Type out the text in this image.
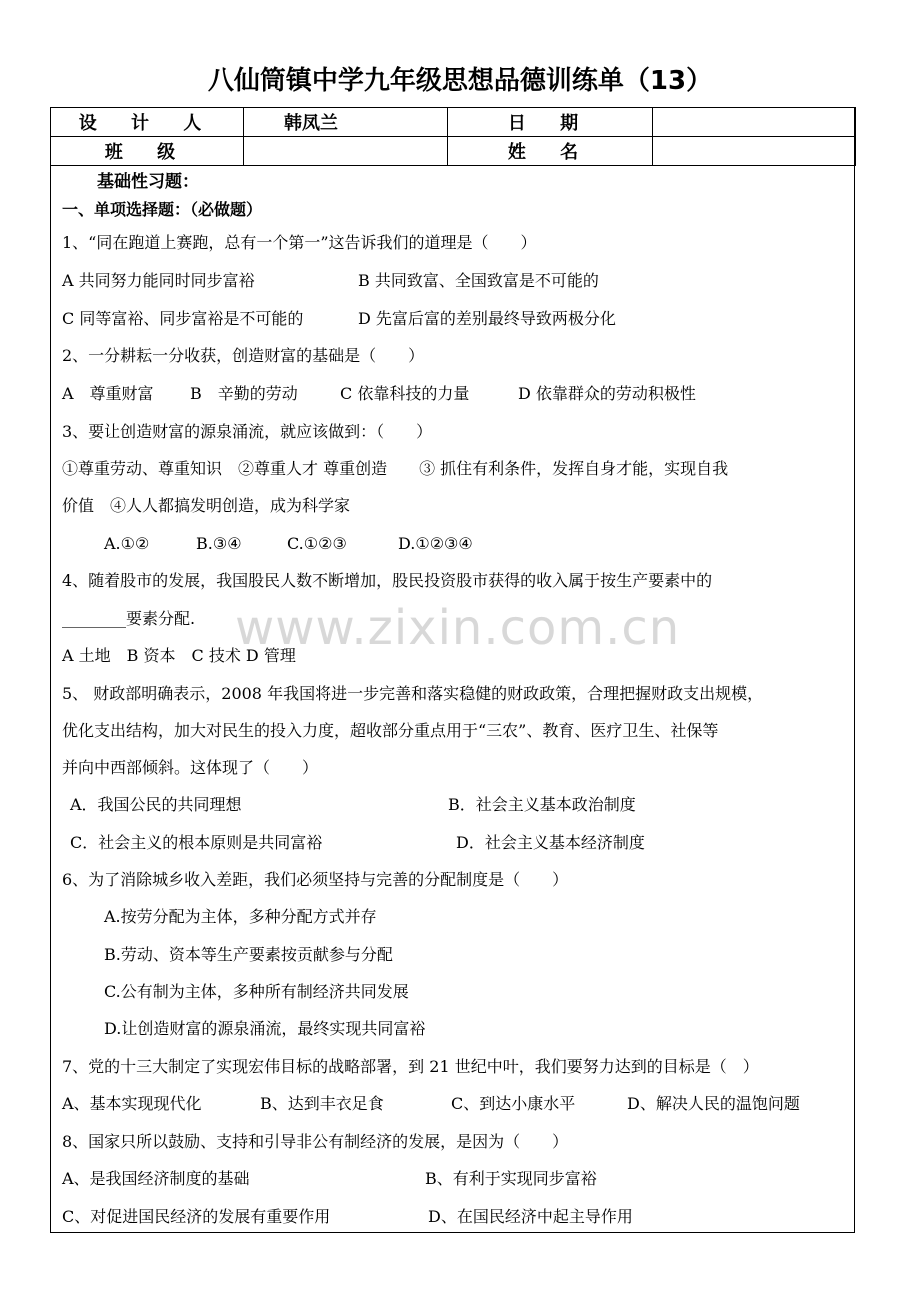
八仙筒镇中学九年级思想品德训练单（13）
设 计 人	韩凤兰	日 期	
班 级		姓 名	
www.zixin.com.cn
基础性习题：
一、单项选择题：（必做题）
1、“同在跑道上赛跑，总有一个第一”这告诉我们的道理是（　　）
A 共同努力能同时同步富裕	B 共同致富、全国致富是不可能的
C 同等富裕、同步富裕是不可能的	D 先富后富的差别最终导致两极分化
2、一分耕耘一分收获，创造财富的基础是（　　）
A　尊重财富 B　辛勤的劳动	C 依靠科技的力量	D 依靠群众的劳动积极性
3、要让创造财富的源泉涌流，就应该做到：（　　）
①尊重劳动、尊重知识　②尊重人才 尊重创造　　③ 抓住有利条件，发挥自身才能，实现自我
价值　④人人都搞发明创造，成为科学家
A.①②	B.③④	C.①②③	D.①②③④
4、随着股市的发展，我国股民人数不断增加，股民投资股市获得的收入属于按生产要素中的
________要素分配.
A 土地　B 资本　C 技术 D 管理
5、 财政部明确表示，2008 年我国将进一步完善和落实稳健的财政政策，合理把握财政支出规模，
优化支出结构，加大对民生的投入力度，超收部分重点用于“三农”、教育、医疗卫生、社保等
并向中西部倾斜。这体现了（　　）
A．我国公民的共同理想	B．社会主义基本政治制度
C．社会主义的根本原则是共同富裕	D．社会主义基本经济制度
6、为了消除城乡收入差距，我们必须坚持与完善的分配制度是（　　）
A.按劳分配为主体，多种分配方式并存
B.劳动、资本等生产要素按贡献参与分配
C.公有制为主体，多种所有制经济共同发展
D.让创造财富的源泉涌流，最终实现共同富裕
7、党的十三大制定了实现宏伟目标的战略部署，到 21 世纪中叶，我们要努力达到的目标是（　）
A、基本实现现代化	B、达到丰衣足食	C、到达小康水平	D、解决人民的温饱问题
8、国家只所以鼓励、支持和引导非公有制经济的发展，是因为（　　）
A、是我国经济制度的基础	B、有利于实现同步富裕
C、对促进国民经济的发展有重要作用	D、在国民经济中起主导作用
